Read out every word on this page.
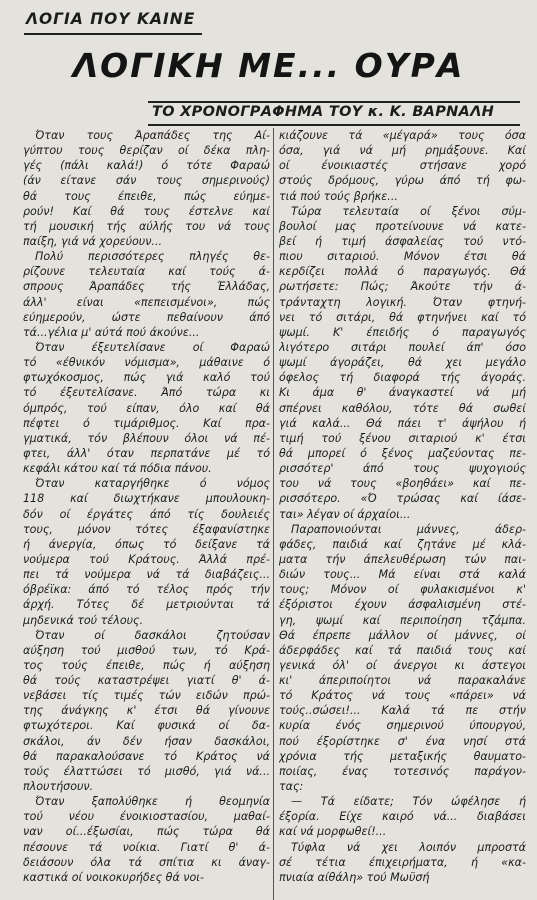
ΛΟΓΙΑ ΠΟΥ ΚΑΙΝΕ
ΛΟΓΙΚΗ ΜΕ... ΟΥΡΑ
ΤΟ ΧΡΟΝΟΓΡΑΦΗΜΑ ΤΟΥ κ. Κ. ΒΑΡΝΑΛΗ
Όταν τους Άραπάδες της Αί-
γύπτου τους θερίζαν οί δέκα πλη-
γές (πάλι καλά!) ό τότε Φαραώ
(άν είτανε σάν τους σημερινούς)
θά τους έπειθε, πώς εύημε-
ρούν! Καί θά τους έστελνε καί
τή μουσική τής αύλής του νά τους
παίξη, γιά νά χορεύουν...
Πολύ περισσότερες πληγές θε-
ρίζουνε τελευταία καί τούς ά-
σπρους Άραπάδες τής Έλλάδας,
άλλ' είναι «πεπεισμένοι», πώς
εύημερούν, ώστε πεθαίνουν άπό
τά...γέλια μ' αύτά πού άκούνε...
Όταν έξευτελίσανε οί Φαραώ
τό «έθνικόν νόμισμα», μάθαινε ό
φτωχόκοσμος, πώς γιά καλό τού
τό έξευτελίσανε. Άπό τώρα κι
όμπρός, τού είπαν, όλο καί θά
πέφτει ό τιμάριθμος. Καί πρα-
γματικά, τόν βλέπουν όλοι νά πέ-
φτει, άλλ' όταν περπατάνε μέ τό
κεφάλι κάτου καί τά πόδια πάνου.
Όταν καταργήθηκε ό νόμος
118 καί διωχτήκανε μπουλουκη-
δόν οί έργάτες άπό τίς δουλειές
τους, μόνον τότες έξαφανίστηκε
ή άνεργία, όπως τό δείξανε τά
νούμερα τού Κράτους. Άλλά πρέ-
πει τά νούμερα νά τά διαβάζεις...
όβρέϊκα: άπό τό τέλος πρός τήν
άρχή. Τότες δέ μετριούνται τά
μηδενικά τού τέλους.
Όταν οί δασκάλοι ζητούσαν
αύξηση τού μισθού των, τό Κρά-
τος τούς έπειθε, πώς ή αύξηση
θά τούς καταστρέψει γιατί θ' ά-
νεβάσει τίς τιμές τών ειδών πρώ-
της άνάγκης κ' έτσι θά γίνουνε
φτωχότεροι. Καί φυσικά οί δα-
σκάλοι, άν δέν ήσαν δασκάλοι,
θά παρακαλούσανε τό Κράτος νά
τούς έλαττώσει τό μισθό, γιά νά...
πλουτήσουν.
Όταν ξαπολύθηκε ή θεομηνία
τού νέου ένοικιοστασίου, μαθαί-
ναν οί...έξωσίαι, πώς τώρα θά
πέσουνε τά νοίκια. Γιατί θ' ά-
δειάσουν όλα τά σπίτια κι άναγ-
καστικά οί νοικοκυρήδες θά νοι-
κιάζουνε τά «μέγαρά» τους όσα
όσα, γιά νά μή ρημάξουνε. Καί
οί ένοικιαστές στήσανε χορό
στούς δρόμους, γύρω άπό τή φω-
τιά πού τούς βρήκε...
Τώρα τελευταία οί ξένοι σύμ-
βουλοί μας προτείνουνε νά κατε-
βεί ή τιμή άσφαλείας τού ντό-
πιου σιταριού. Μόνον έτσι θά
κερδίζει πολλά ό παραγωγός. Θά
ρωτήσετε: Πώς; Άκούτε τήν ά-
τράνταχτη λογική. Όταν φτηνή-
νει τό σιτάρι, θά φτηνήνει καί τό
ψωμί. Κ' έπειδής ό παραγωγός
λιγότερο σιτάρι πουλεί άπ' όσο
ψωμί άγοράζει, θά χει μεγάλο
όφελος τή διαφορά τής άγοράς.
Κι άμα θ' άναγκαστεί νά μή
σπέρνει καθόλου, τότε θά σωθεί
γιά καλά... Θά πάει τ' άψήλου ή
τιμή τού ξένου σιταριού κ' έτσι
θά μπορεί ό ξένος μαζεύοντας πε-
ρισσότερ' άπό τους ψυχογιούς
του νά τους «βοηθάει» καί πε-
ρισσότερο. «Ό τρώσας καί ίάσε-
ται» λέγαν οί άρχαίοι...
Παραπονιούνται μάννες, άδερ-
φάδες, παιδιά καί ζητάνε μέ κλά-
ματα τήν άπελευθέρωση τών παι-
διών τους... Μά είναι στά καλά
τους; Μόνον οί φυλακισμένοι κ'
έξόριστοι έχουν άσφαλισμένη στέ-
γη, ψωμί καί περιποίηση τζάμπα.
Θά έπρεπε μάλλον οί μάννες, οί
άδερφάδες καί τά παιδιά τους καί
γενικά όλ' οί άνεργοι κι άστεγοι
κι' άπεριποίητοι νά παρακαλάνε
τό Κράτος νά τους «πάρει» νά
τούς..σώσει!... Καλά τά πε στήν
κυρία ένός σημερινού ύπουργού,
πού έξορίστηκε σ' ένα νησί στά
χρόνια τής μεταξικής θαυματο-
ποιίας, ένας τοτεσινός παράγον-
τας:
— Τά είδατε; Τόν ώφέλησε ή
έξορία. Είχε καιρό νά... διαβάσει
καί νά μορφωθεί!...
Τύφλα νά χει λοιπόν μπροστά
σέ τέτια έπιχειρήματα, ή «κα-
πνιαία αίθάλη» τού Μωϋσή
